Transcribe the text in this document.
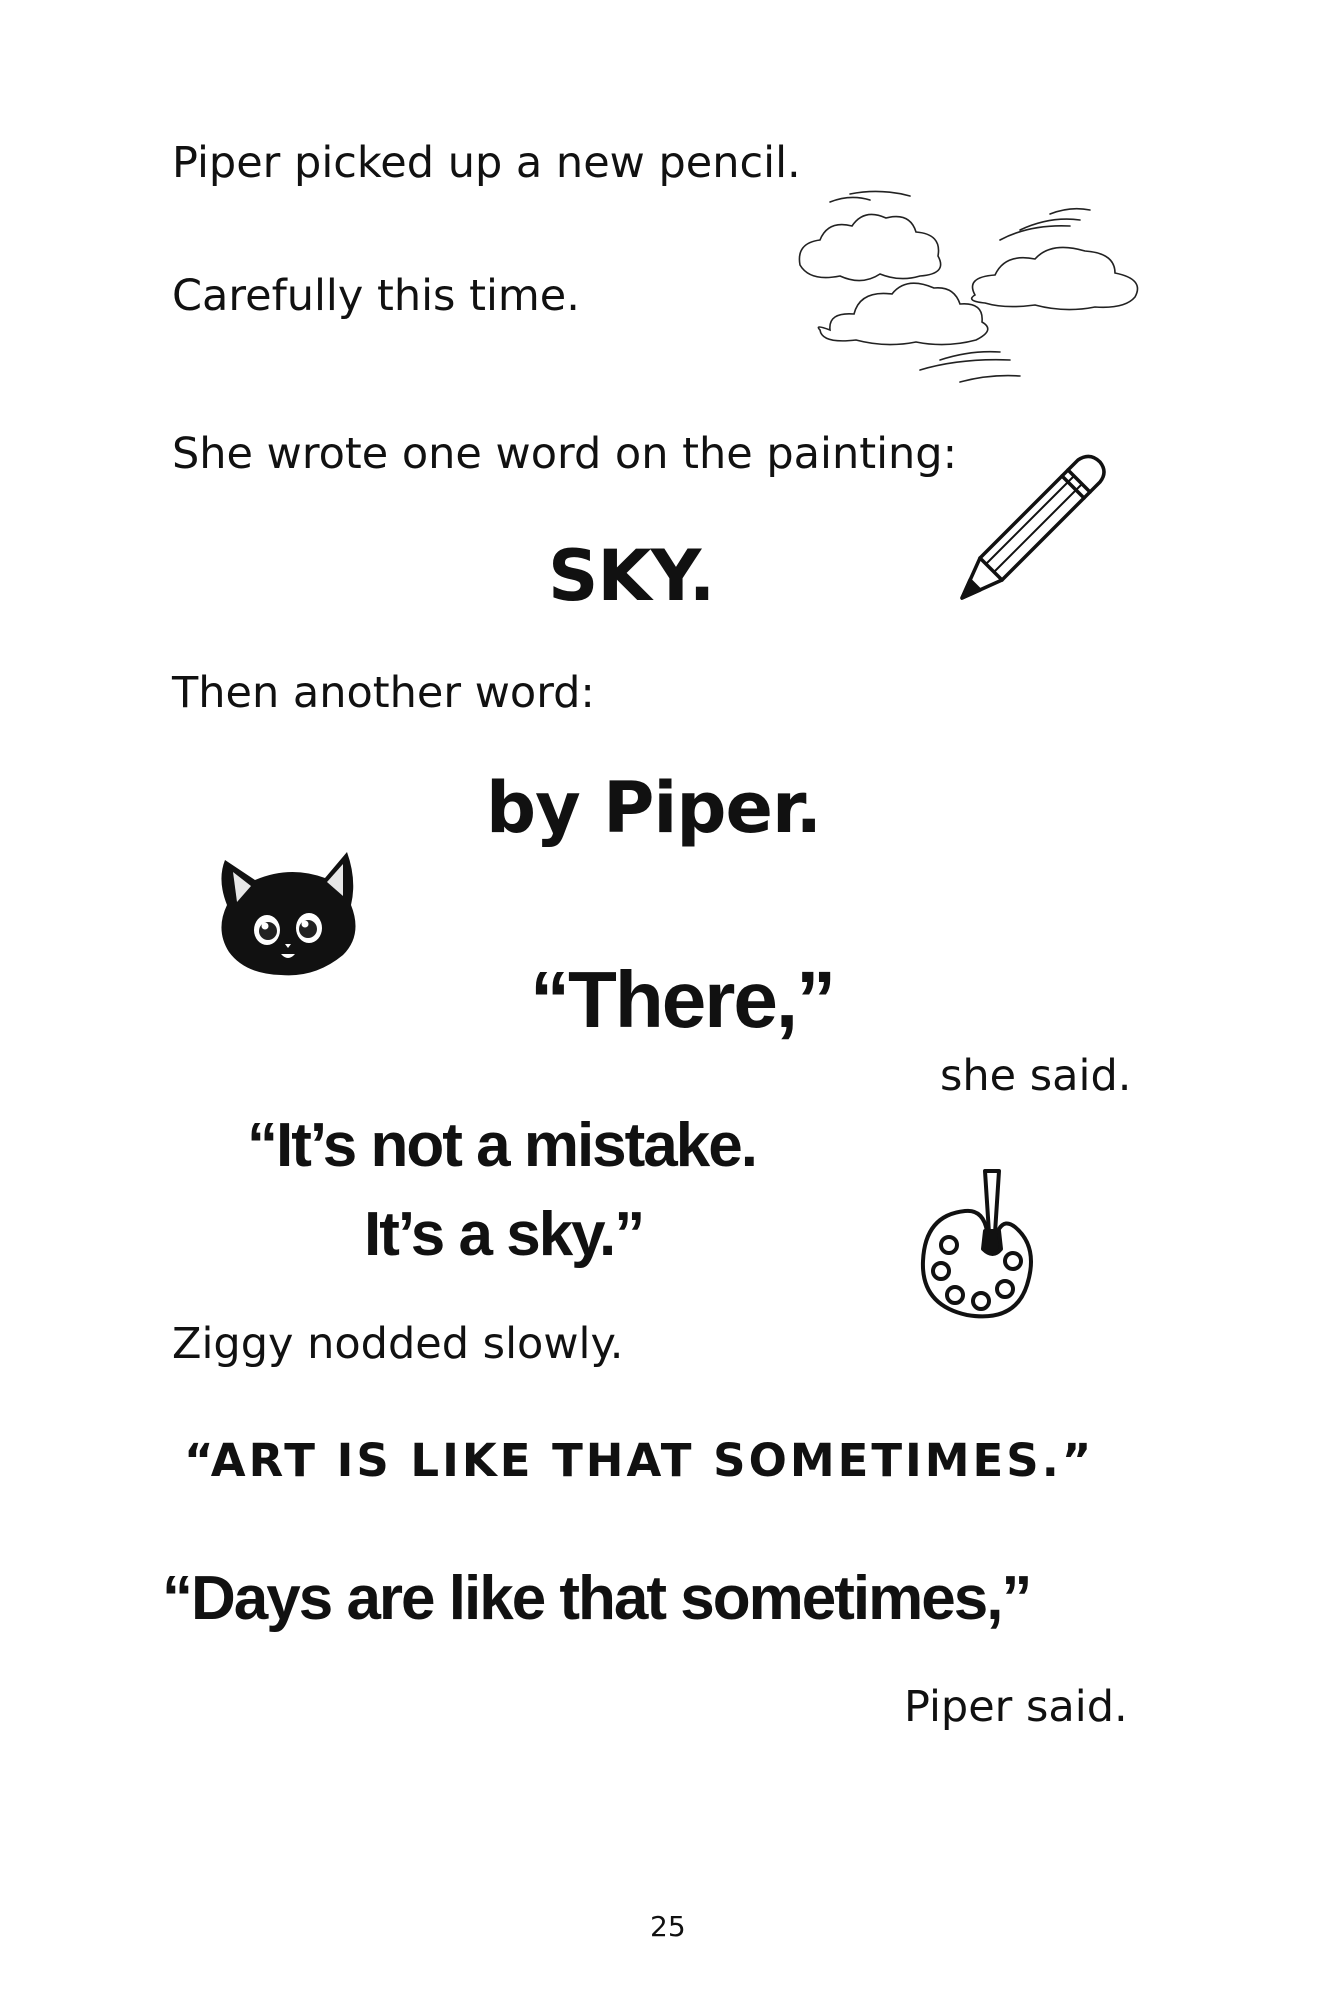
Piper picked up a new pencil.
Carefully this time.
She wrote one word on the painting:
SKY.
Then another word:
by Piper.
“There,”
she said.
“It’s not a mistake.
It’s a sky.”
Ziggy nodded slowly.
“ART IS LIKE THAT SOMETIMES.”
“Days are like that sometimes,”
Piper said.
25
